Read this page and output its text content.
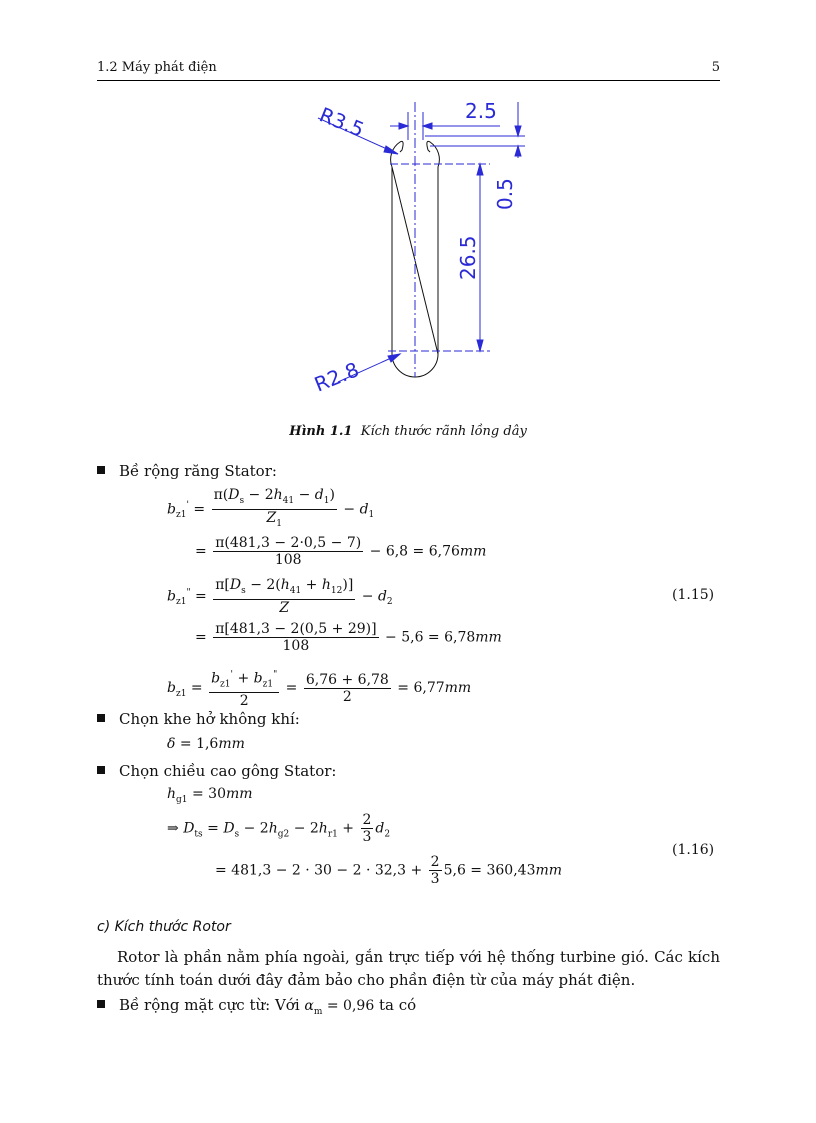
1.2 Máy phát điện	5
R3.5	2.5
0.5
26.5
R2.8
Hình 1.1 Kích thước rãnh lồng dây
Bề rộng răng Stator:
$b_{z1}' = \frac{\pi(D_s - 2h_{41} - d_1)}{Z_1} - d_1$
= $\frac{\pi(481,3 - 2\cdot 0,5 - 7)}{108} - 6,8 = 6,76mm$
$b_{z1}^" = \frac{\pi[D_s - 2(h_{41} + h_{12})]}{Z} - d_2$	(1.15)
= $\frac{\pi[481,3 - 2(0,5 + 29)]}{108} - 5,6 = 6,78mm$
$b_{z1} = \frac{b_{z1}' + b_{z1}^"}{2} = \frac{6,76 + 6,78}{2} = 6,77mm$
Chọn khe hở không khí:
δ = 1,6mm
Chọn chiều cao gông Stator:
$h_{g1} = 30mm$
⇒ $D_{ts} = D_s - 2h_{g2} - 2h_{r1} + \frac{2}{3} d_2$
(1.16)
= $481,3 - 2 \cdot 30 - 2 \cdot 32,3 + \frac{2}{3} 5,6 = 360,43mm$
c) Kích thước Rotor
Rotor là phần nằm phía ngoài, gắn trực tiếp với hệ thống turbine gió. Các kích thước tính toán dưới đây đảm bảo cho phần điện từ của máy phát điện.
Bề rộng mặt cực từ: Với $\alpha_m = 0,96$ ta có
